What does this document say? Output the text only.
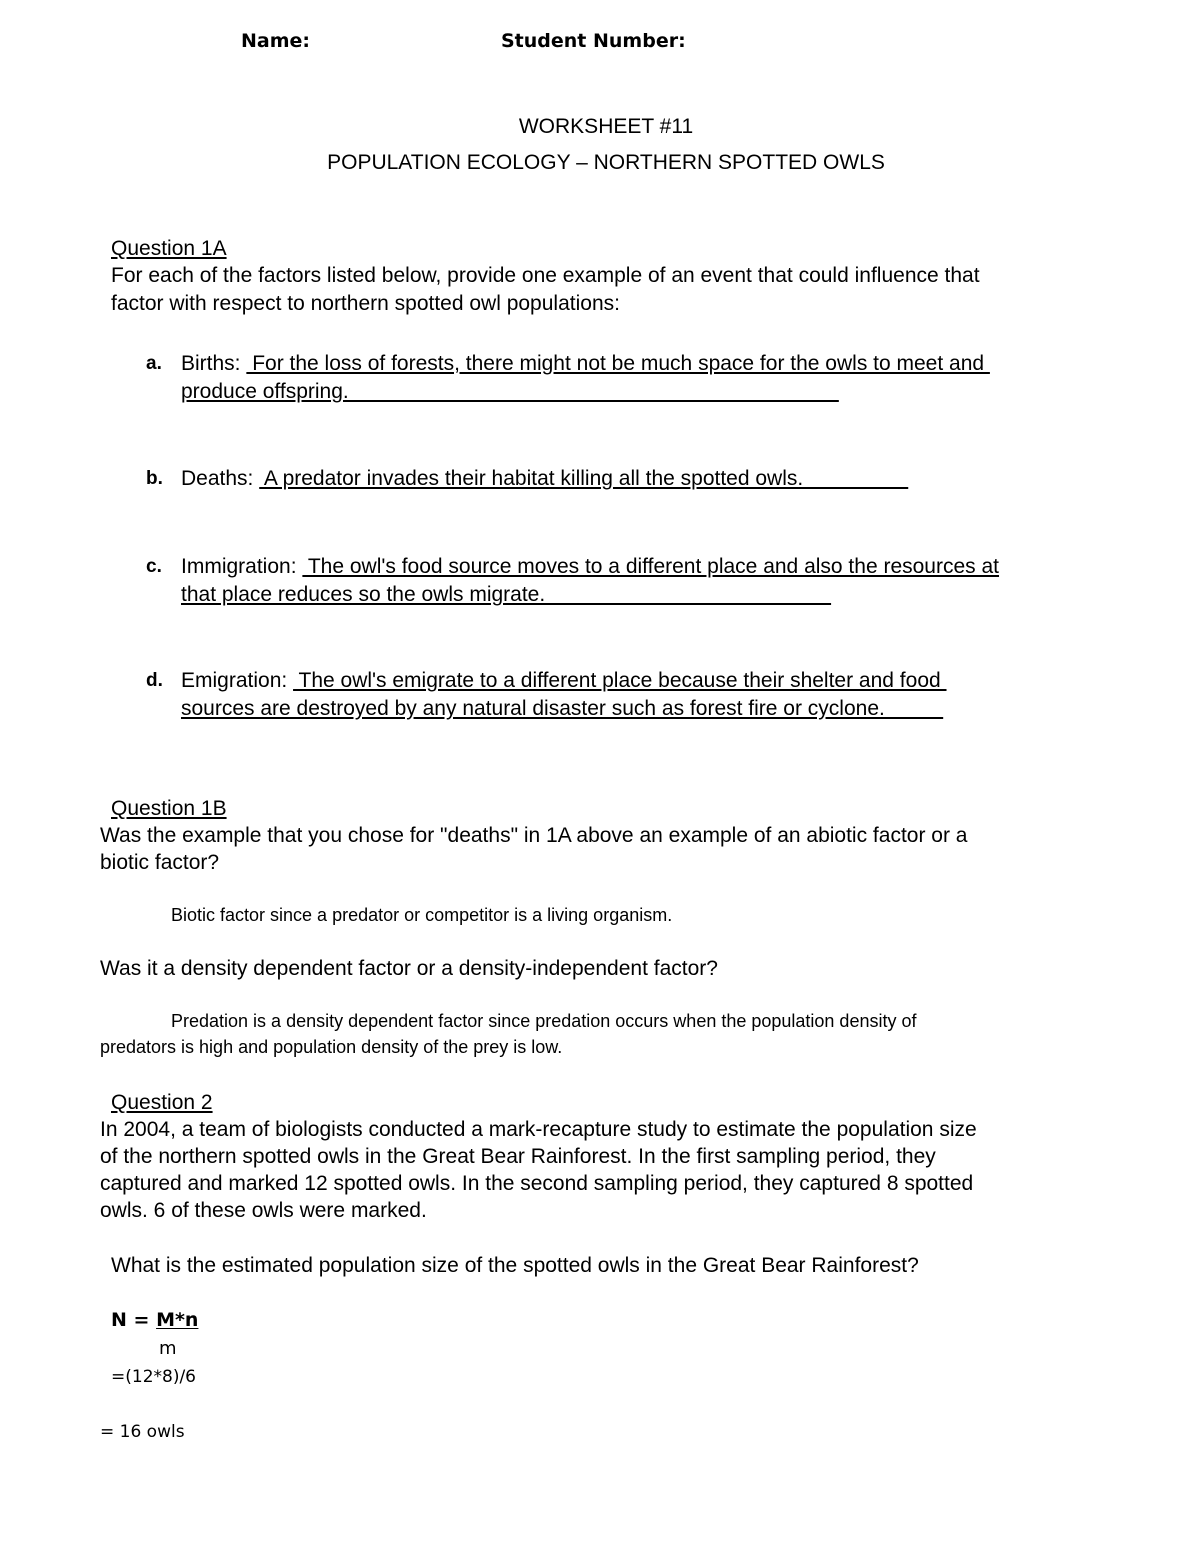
Name:	Student Number:
WORKSHEET #11
POPULATION ECOLOGY – NORTHERN SPOTTED OWLS
Question 1A
For each of the factors listed below, provide one example of an event that could influence that
factor with respect to northern spotted owl populations:
a. Births:  For the loss of forests, there might not be much space for the owls to meet and
produce offspring.
b. Deaths:  A predator invades their habitat killing all the spotted owls.
c. Immigration:  The owl's food source moves to a different place and also the resources at
that place reduces so the owls migrate.
d. Emigration:  The owl's emigrate to a different place because their shelter and food
sources are destroyed by any natural disaster such as forest fire or cyclone.
Question 1B
Was the example that you chose for "deaths" in 1A above an example of an abiotic factor or a
biotic factor?
Biotic factor since a predator or competitor is a living organism.
Was it a density dependent factor or a density-independent factor?
Predation is a density dependent factor since predation occurs when the population density of
predators is high and population density of the prey is low.
Question 2
In 2004, a team of biologists conducted a mark-recapture study to estimate the population size
of the northern spotted owls in the Great Bear Rainforest. In the first sampling period, they
captured and marked 12 spotted owls. In the second sampling period, they captured 8 spotted
owls. 6 of these owls were marked.
What is the estimated population size of the spotted owls in the Great Bear Rainforest?
N = M*n
m
=(12*8)/6
= 16 owls
